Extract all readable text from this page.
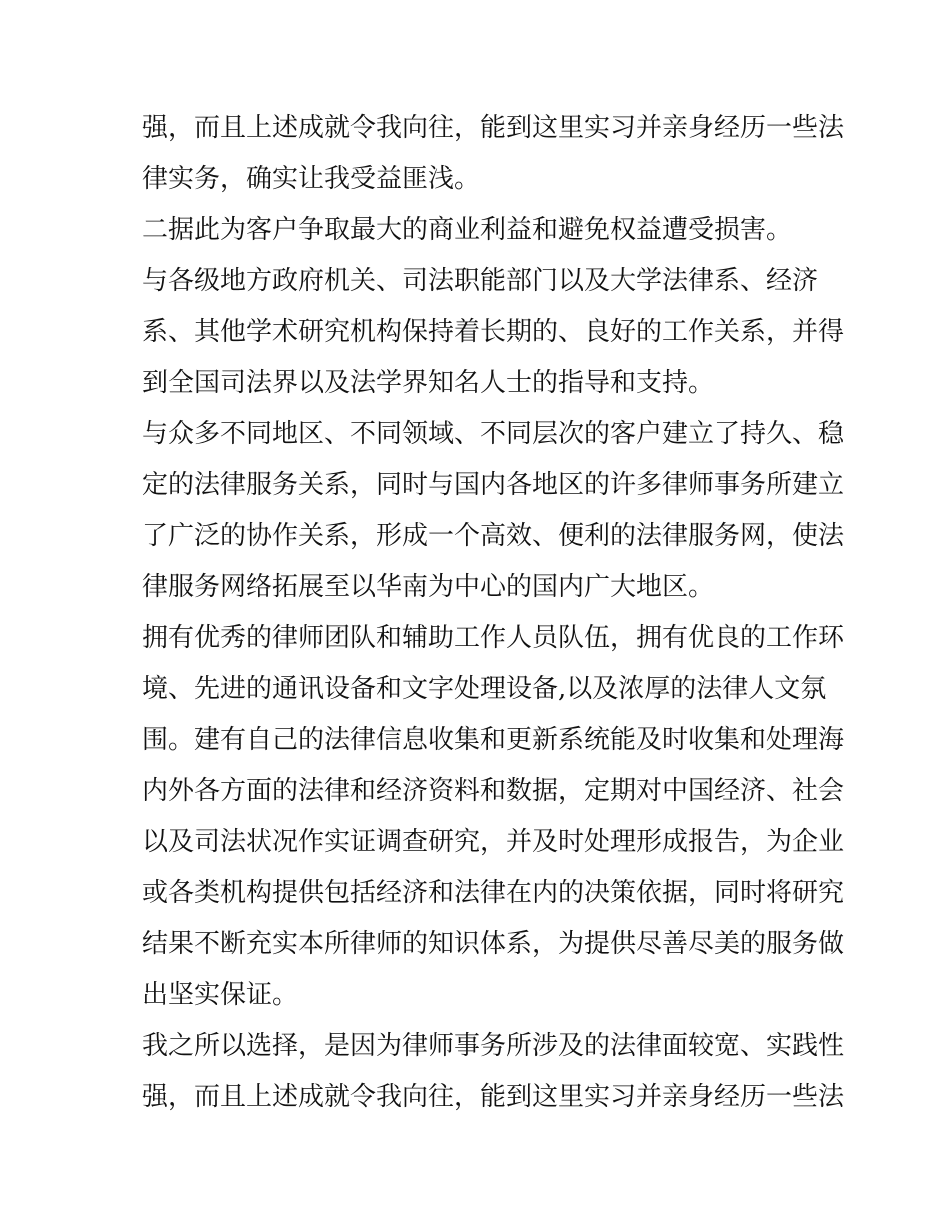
强，而且上述成就令我向往，能到这里实习并亲身经历一些法
律实务，确实让我受益匪浅。
二据此为客户争取最大的商业利益和避免权益遭受损害。
与各级地方政府机关、司法职能部门以及大学法律系、经济
系、其他学术研究机构保持着长期的、良好的工作关系，并得
到全国司法界以及法学界知名人士的指导和支持。
与众多不同地区、不同领域、不同层次的客户建立了持久、稳
定的法律服务关系，同时与国内各地区的许多律师事务所建立
了广泛的协作关系，形成一个高效、便利的法律服务网，使法
律服务网络拓展至以华南为中心的国内广大地区。
拥有优秀的律师团队和辅助工作人员队伍，拥有优良的工作环
境、先进的通讯设备和文字处理设备,以及浓厚的法律人文氛
围。建有自己的法律信息收集和更新系统能及时收集和处理海
内外各方面的法律和经济资料和数据，定期对中国经济、社会
以及司法状况作实证调查研究，并及时处理形成报告，为企业
或各类机构提供包括经济和法律在内的决策依据，同时将研究
结果不断充实本所律师的知识体系，为提供尽善尽美的服务做
出坚实保证。
我之所以选择，是因为律师事务所涉及的法律面较宽、实践性
强，而且上述成就令我向往，能到这里实习并亲身经历一些法
